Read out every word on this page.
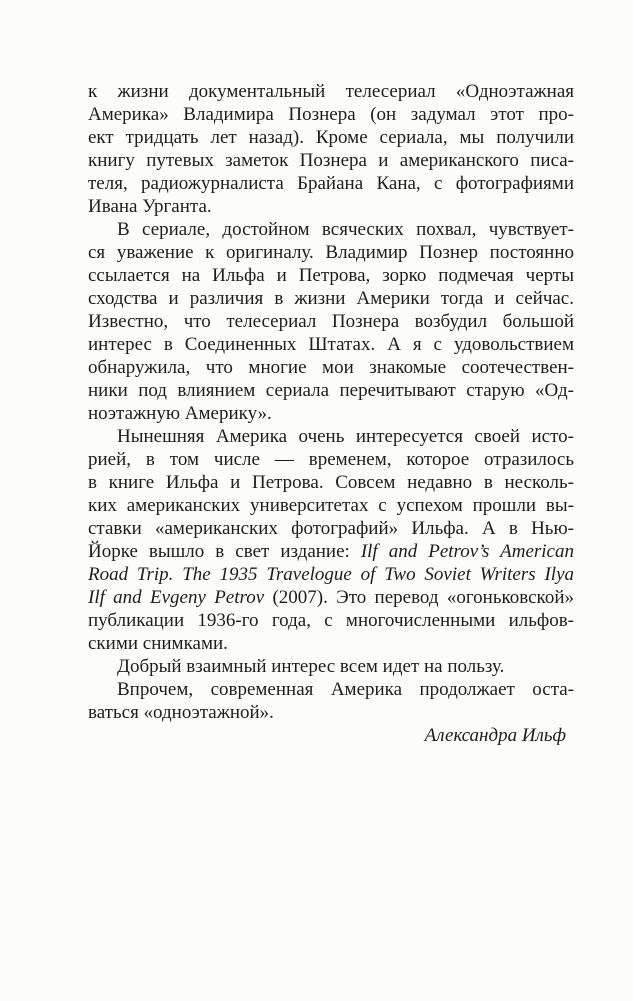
к жизни документальный телесериал «Одноэтажная
Америка» Владимира Познера (он задумал этот про-
ект тридцать лет назад). Кроме сериала, мы получили
книгу путевых заметок Познера и американского писа-
теля, радиожурналиста Брайана Кана, с фотографиями
Ивана Урганта.

В сериале, достойном всяческих похвал, чувствует-
ся уважение к оригиналу. Владимир Познер постоянно
ссылается на Ильфа и Петрова, зорко подмечая черты
сходства и различия в жизни Америки тогда и сейчас.
Известно, что телесериал Познера возбудил большой
интерес в Соединенных Штатах. А я с удовольствием
обнаружила, что многие мои знакомые соотечествен-
ники под влиянием сериала перечитывают старую «Од-
ноэтажную Америку».

Нынешняя Америка очень интересуется своей исто-
рией, в том числе — временем, которое отразилось
в книге Ильфа и Петрова. Совсем недавно в несколь-
ких американских университетах с успехом прошли вы-
ставки «американских фотографий» Ильфа. А в Нью-
Йорке вышло в свет издание: Ilf and Petrov’s American
Road Trip. The 1935 Travelogue of Two Soviet Writers Ilya
Ilf and Evgeny Petrov (2007). Это перевод «огоньковской»
публикации 1936-го года, с многочисленными ильфов-
скими снимками.

Добрый взаимный интерес всем идет на пользу.

Впрочем, современная Америка продолжает оста-
ваться «одноэтажной».

Александра Ильф
